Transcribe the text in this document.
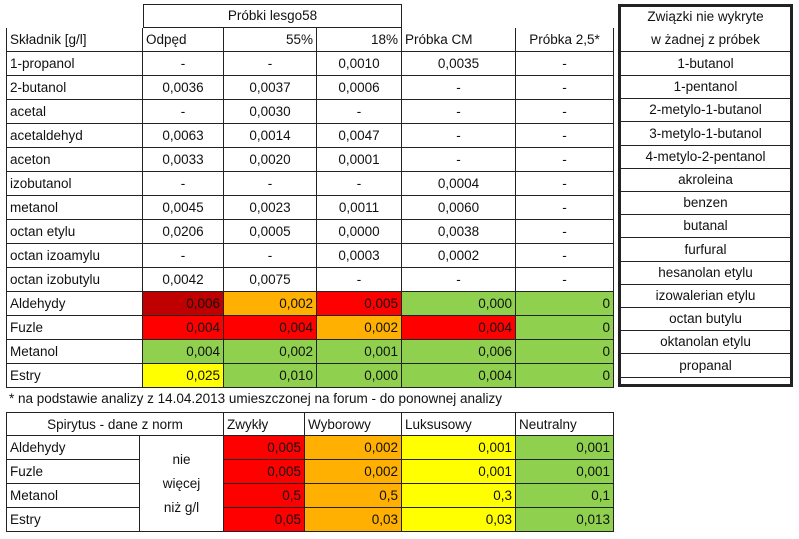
Próbki lesgo58
* na podstawie analizy z 14.04.2013 umieszczonej na forum - do ponownej analizy
Składnik [g/l]	Odpęd	55%	18% Próbka CM	Próbka 2,5*
1-propanol	-	-	0,0010	0,0035	-
2-butanol	0,0036	0,0037	0,0006	-	-
acetal	-	0,0030	-	-	-
acetaldehyd	0,0063	0,0014	0,0047	-	-
aceton	0,0033	0,0020	0,0001	-	-
izobutanol	-	-	-	0,0004	-
metanol	0,0045	0,0023	0,0011	0,0060	-
octan etylu	0,0206	0,0005	0,0000	0,0038	-
octan izoamylu	-	-	0,0003	0,0002	-
octan izobutylu	0,0042	0,0075	-	-	-
Aldehydy	0,006	0,002	0,005	0,000	0
Fuzle	0,004	0,004	0,002	0,004	0
Metanol	0,004	0,002	0,001	0,006	0
Estry	0,025	0,010	0,000	0,004	0
Związki nie wykryte
w żadnej z próbek
1-butanol
1-pentanol
2-metylo-1-butanol
3-metylo-1-butanol
4-metylo-2-pentanol
akroleina
benzen
butanal
furfural
hesanolan etylu
izowalerian etylu
octan butylu
oktanolan etylu
propanal
Spirytus - dane z norm	Zwykły	Wyborowy	Luksusowy	Neutralny
Aldehydy	0,005	0,002	0,001	0,001
Fuzle	0,005	0,002	0,001	0,001
Metanol	0,5	0,5	0,3	0,1
Estry	0,05	0,03	0,03	0,013
nie
więcej
niż g/l
